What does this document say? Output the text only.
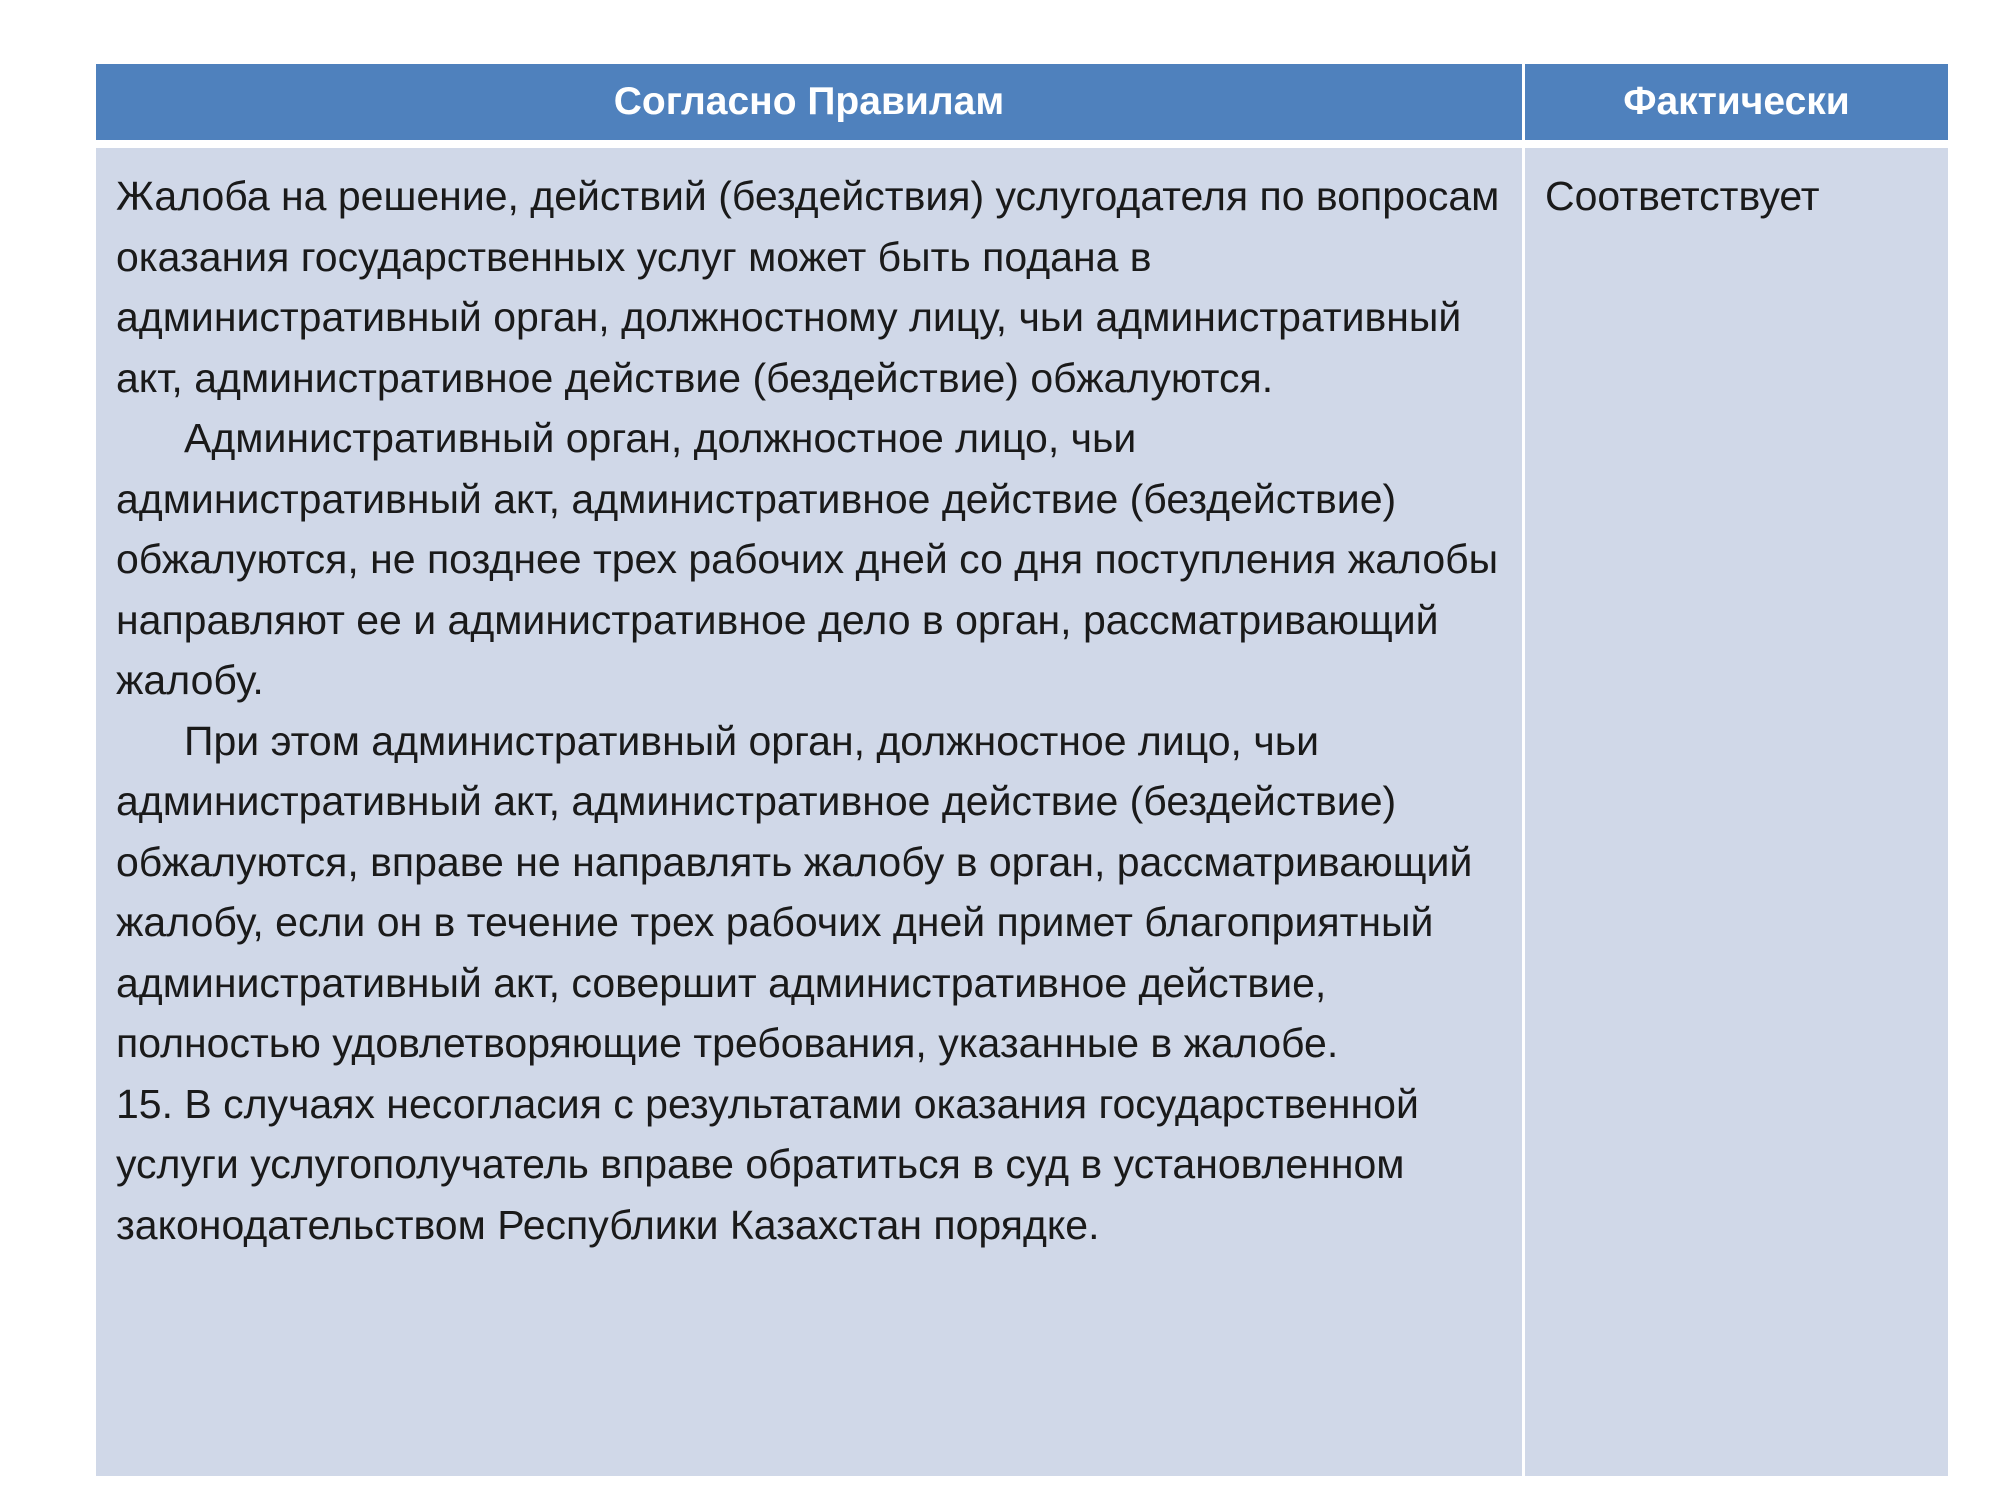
Согласно Правилам	Фактически

Жалоба на решение, действий (бездействия) услугодателя по вопросам оказания государственных услуг может быть подана в административный орган, должностному лицу, чьи административный акт, административное действие (бездействие) обжалуются.

Административный орган, должностное лицо, чьи административный акт, административное действие (бездействие) обжалуются, не позднее трех рабочих дней со дня поступления жалобы направляют ее и административное дело в орган, рассматривающий жалобу.

При этом административный орган, должностное лицо, чьи административный акт, административное действие (бездействие) обжалуются, вправе не направлять жалобу в орган, рассматривающий жалобу, если он в течение трех рабочих дней примет благоприятный административный акт, совершит административное действие, полностью удовлетворяющие требования, указанные в жалобе.

15. В случаях несогласия с результатами оказания государственной услуги услугополучатель вправе обратиться в суд в установленном законодательством Республики Казахстан порядке.

Соответствует
